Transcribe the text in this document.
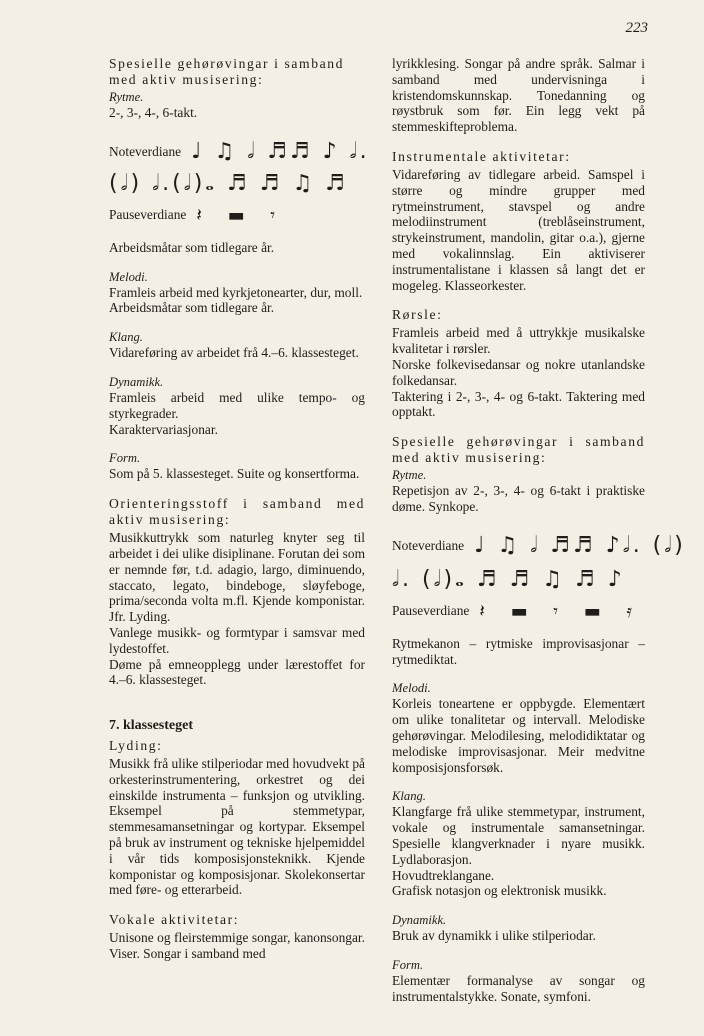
223
Spesielle gehørøvingar i samband med aktiv musisering:
Rytme.
2-, 3-, 4-, 6-takt.
Noteverdiane ♩ ♫ 𝅗𝅥 ♬♬ ♪ 𝅗𝅥.
(𝅗𝅥) 𝅗𝅥.(𝅗𝅥)𝅝 ♬ ♬ ♫ ♬
Pauseverdiane 𝄽 ▬ 𝄾
Arbeidsmåtar som tidlegare år.
Melodi.
Framleis arbeid med kyrkjetonearter, dur, moll.
Arbeidsmåtar som tidlegare år.
Klang.
Vidareføring av arbeidet frå 4.–6. klassesteget.
Dynamikk.
Framleis arbeid med ulike tempo- og styrkegrader.
Karaktervariasjonar.
Form.
Som på 5. klassesteget. Suite og konsertforma.
Orienteringsstoff i samband med aktiv musisering:
Musikkuttrykk som naturleg knyter seg til arbeidet i dei ulike disiplinane. Forutan dei som er nemnde før, t.d. adagio, largo, diminuendo, staccato, legato, bindeboge, sløyfeboge, prima/seconda volta m.fl. Kjende komponistar. Jfr. Lyding.
Vanlege musikk- og formtypar i samsvar med lydestoffet.
Døme på emneopplegg under lærestoffet for 4.–6. klassesteget.
7. klassesteget
Lyding:
Musikk frå ulike stilperiodar med hovudvekt på orkesterinstrumentering, orkestret og dei einskilde instrumenta – funksjon og utvikling. Eksempel på stemmetypar, stemmesamansetningar og kortypar. Eksempel på bruk av instrument og tekniske hjelpemiddel i vår tids komposisjonsteknikk. Kjende komponistar og komposisjonar. Skolekonsertar med føre- og etterarbeid.
Vokale aktivitetar:
Unisone og fleirstemmige songar, kanonsongar. Viser. Songar i samband med
lyrikklesing. Songar på andre språk. Salmar i samband med undervisninga i kristendomskunnskap. Tonedanning og røystbruk som før. Ein legg vekt på stemmeskifteproblema.
Instrumentale aktivitetar:
Vidareføring av tidlegare arbeid. Samspel i større og mindre grupper med rytmeinstrument, stavspel og andre melodiinstrument (treblåseinstrument, strykeinstrument, mandolin, gitar o.a.), gjerne med vokalinnslag. Ein aktiviserer instrumentalistane i klassen så langt det er mogeleg. Klasseorkester.
Rørsle:
Framleis arbeid med å uttrykkje musikalske kvalitetar i rørsler.
Norske folkevisedansar og nokre utanlandske folkedansar.
Taktering i 2-, 3-, 4- og 6-takt. Taktering med opptakt.
Spesielle gehørøvingar i samband med aktiv musisering:
Rytme.
Repetisjon av 2-, 3-, 4- og 6-takt i praktiske døme. Synkope.
Noteverdiane ♩ ♫ 𝅗𝅥 ♬♬ ♪𝅗𝅥. (𝅗𝅥)
𝅗𝅥. (𝅗𝅥)𝅝 ♬ ♬ ♫ ♬ ♪
Pauseverdiane 𝄽 ▬ 𝄾 ▬ 𝄿
Rytmekanon – rytmiske improvisasjonar – rytmediktat.
Melodi.
Korleis toneartene er oppbygde. Elementært om ulike tonalitetar og intervall. Melodiske gehørøvingar. Melodilesing, melodidiktatar og melodiske improvisasjonar. Meir medvitne komposisjonsforsøk.
Klang.
Klangfarge frå ulike stemmetypar, instrument, vokale og instrumentale samansetningar. Spesielle klangverknader i nyare musikk. Lydlaborasjon.
Hovudtreklangane.
Grafisk notasjon og elektronisk musikk.
Dynamikk.
Bruk av dynamikk i ulike stilperiodar.
Form.
Elementær formanalyse av songar og instrumentalstykke. Sonate, symfoni.
